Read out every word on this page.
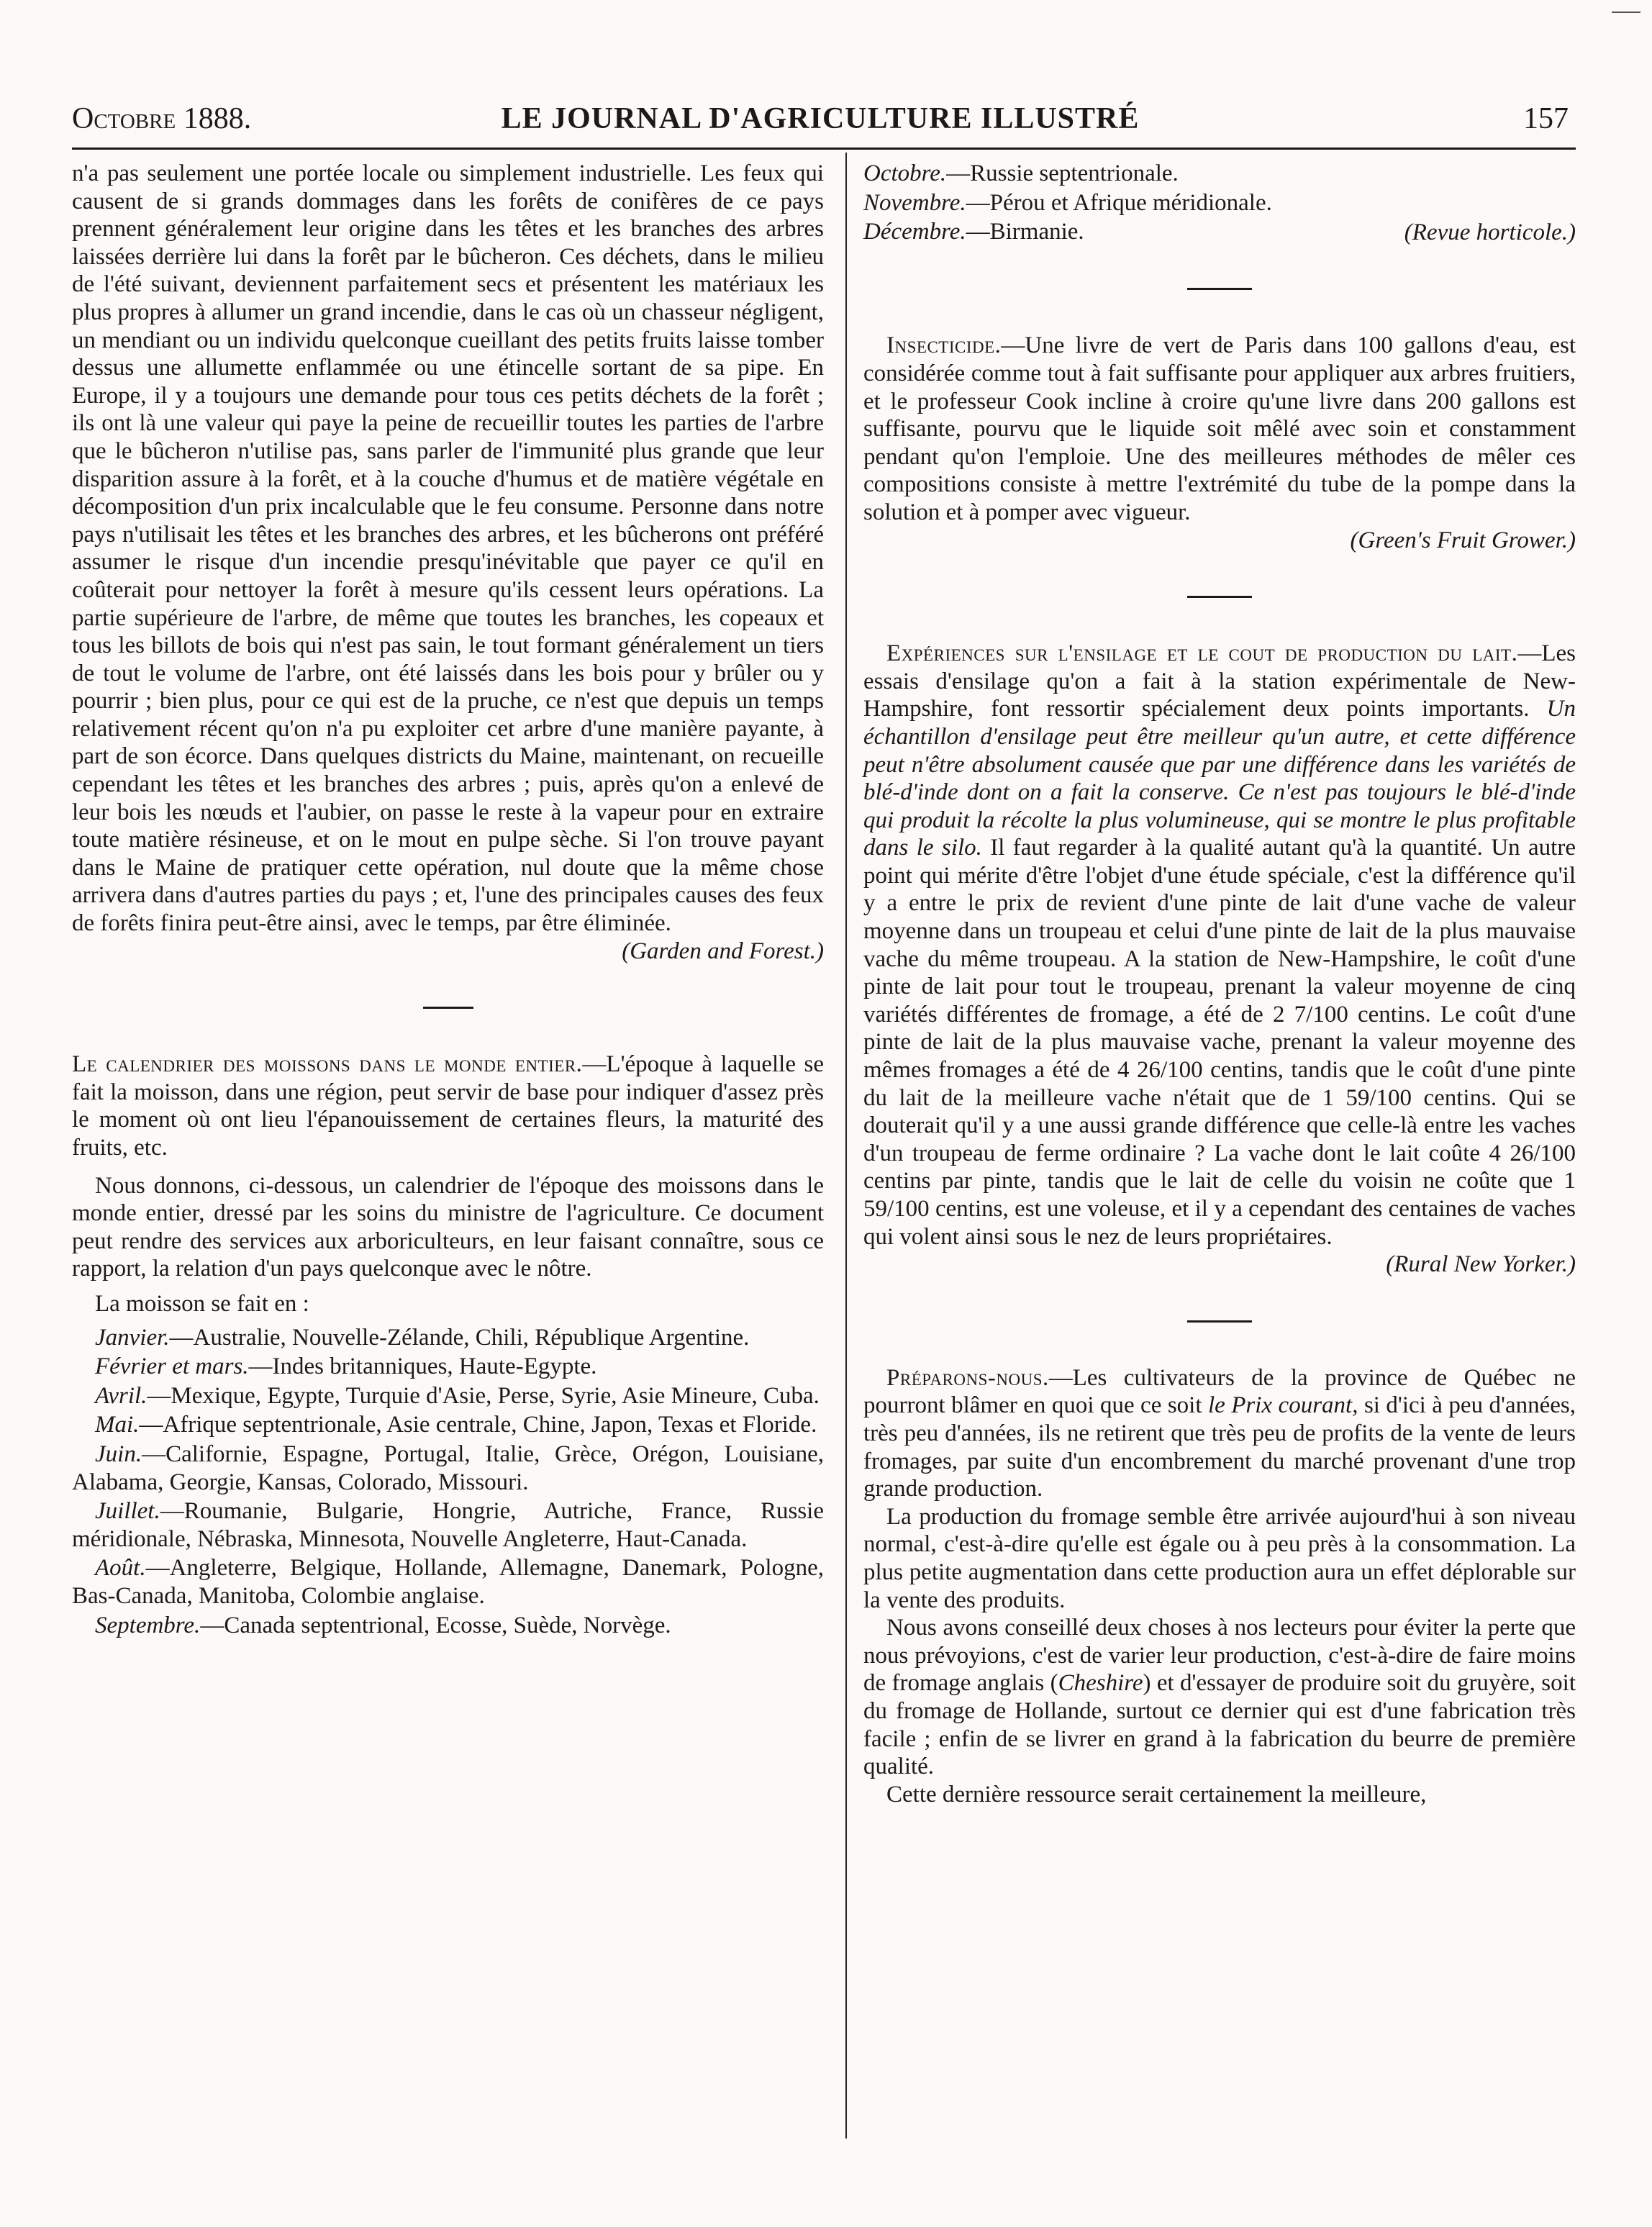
Octobre 1888.	LE JOURNAL D'AGRICULTURE ILLUSTRÉ	157

n'a pas seulement une portée locale ou simplement industrielle. Les feux qui causent de si grands dommages dans les forêts de conifères de ce pays prennent généralement leur origine dans les têtes et les branches des arbres laissées derrière lui dans la forêt par le bûcheron. Ces déchets, dans le milieu de l'été suivant, deviennent parfaitement secs et présentent les matériaux les plus propres à allumer un grand incendie, dans le cas où un chasseur négligent, un mendiant ou un individu quelconque cueillant des petits fruits laisse tomber dessus une allumette enflammée ou une étincelle sortant de sa pipe. En Europe, il y a toujours une demande pour tous ces petits déchets de la forêt ; ils ont là une valeur qui paye la peine de recueillir toutes les parties de l'arbre que le bûcheron n'utilise pas, sans parler de l'immunité plus grande que leur disparition assure à la forêt, et à la couche d'humus et de matière végétale en décomposition d'un prix incalculable que le feu consume. Personne dans notre pays n'utilisait les têtes et les branches des arbres, et les bûcherons ont préféré assumer le risque d'un incendie presqu'inévitable que payer ce qu'il en coûterait pour nettoyer la forêt à mesure qu'ils cessent leurs opérations. La partie supérieure de l'arbre, de même que toutes les branches, les copeaux et tous les billots de bois qui n'est pas sain, le tout formant généralement un tiers de tout le volume de l'arbre, ont été laissés dans les bois pour y brûler ou y pourrir ; bien plus, pour ce qui est de la pruche, ce n'est que depuis un temps relativement récent qu'on n'a pu exploiter cet arbre d'une manière payante, à part de son écorce. Dans quelques districts du Maine, maintenant, on recueille cependant les têtes et les branches des arbres ; puis, après qu'on a enlevé de leur bois les nœuds et l'aubier, on passe le reste à la vapeur pour en extraire toute matière résineuse, et on le mout en pulpe sèche. Si l'on trouve payant dans le Maine de pratiquer cette opération, nul doute que la même chose arrivera dans d'autres parties du pays ; et, l'une des principales causes des feux de forêts finira peut-être ainsi, avec le temps, par être éliminée.

(Garden and Forest.)

Le calendrier des moissons dans le monde entier.—L'époque à laquelle se fait la moisson, dans une région, peut servir de base pour indiquer d'assez près le moment où ont lieu l'épanouissement de certaines fleurs, la maturité des fruits, etc.

Nous donnons, ci-dessous, un calendrier de l'époque des moissons dans le monde entier, dressé par les soins du ministre de l'agriculture. Ce document peut rendre des services aux arboriculteurs, en leur faisant connaître, sous ce rapport, la relation d'un pays quelconque avec le nôtre.

La moisson se fait en :

Janvier.—Australie, Nouvelle-Zélande, Chili, République Argentine.

Février et mars.—Indes britanniques, Haute-Egypte.

Avril.—Mexique, Egypte, Turquie d'Asie, Perse, Syrie, Asie Mineure, Cuba.

Mai.—Afrique septentrionale, Asie centrale, Chine, Japon, Texas et Floride.

Juin.—Californie, Espagne, Portugal, Italie, Grèce, Orégon, Louisiane, Alabama, Georgie, Kansas, Colorado, Missouri.

Juillet.—Roumanie, Bulgarie, Hongrie, Autriche, France, Russie méridionale, Nébraska, Minnesota, Nouvelle Angleterre, Haut-Canada.

Août.—Angleterre, Belgique, Hollande, Allemagne, Danemark, Pologne, Bas-Canada, Manitoba, Colombie anglaise.

Septembre.—Canada septentrional, Ecosse, Suède, Norvège.

Octobre.—Russie septentrionale.

Novembre.—Pérou et Afrique méridionale.

Décembre.—Birmanie.	(Revue horticole.)

Insecticide.—Une livre de vert de Paris dans 100 gallons d'eau, est considérée comme tout à fait suffisante pour appliquer aux arbres fruitiers, et le professeur Cook incline à croire qu'une livre dans 200 gallons est suffisante, pourvu que le liquide soit mêlé avec soin et constamment pendant qu'on l'emploie. Une des meilleures méthodes de mêler ces compositions consiste à mettre l'extrémité du tube de la pompe dans la solution et à pomper avec vigueur.

(Green's Fruit Grower.)

Expériences sur l'ensilage et le cout de production du lait.—Les essais d'ensilage qu'on a fait à la station expérimentale de New-Hampshire, font ressortir spécialement deux points importants. Un échantillon d'ensilage peut être meilleur qu'un autre, et cette différence peut n'être absolument causée que par une différence dans les variétés de blé-d'inde dont on a fait la conserve. Ce n'est pas toujours le blé-d'inde qui produit la récolte la plus volumineuse, qui se montre le plus profitable dans le silo. Il faut regarder à la qualité autant qu'à la quantité. Un autre point qui mérite d'être l'objet d'une étude spéciale, c'est la différence qu'il y a entre le prix de revient d'une pinte de lait d'une vache de valeur moyenne dans un troupeau et celui d'une pinte de lait de la plus mauvaise vache du même troupeau. A la station de New-Hampshire, le coût d'une pinte de lait pour tout le troupeau, prenant la valeur moyenne de cinq variétés différentes de fromage, a été de 2 7/100 centins. Le coût d'une pinte de lait de la plus mauvaise vache, prenant la valeur moyenne des mêmes fromages a été de 4 26/100 centins, tandis que le coût d'une pinte du lait de la meilleure vache n'était que de 1 59/100 centins. Qui se douterait qu'il y a une aussi grande différence que celle-là entre les vaches d'un troupeau de ferme ordinaire ? La vache dont le lait coûte 4 26/100 centins par pinte, tandis que le lait de celle du voisin ne coûte que 1 59/100 centins, est une voleuse, et il y a cependant des centaines de vaches qui volent ainsi sous le nez de leurs propriétaires.

(Rural New Yorker.)

Préparons-nous.—Les cultivateurs de la province de Québec ne pourront blâmer en quoi que ce soit le Prix courant, si d'ici à peu d'années, très peu d'années, ils ne retirent que très peu de profits de la vente de leurs fromages, par suite d'un encombrement du marché provenant d'une trop grande production.

La production du fromage semble être arrivée aujourd'hui à son niveau normal, c'est-à-dire qu'elle est égale ou à peu près à la consommation. La plus petite augmentation dans cette production aura un effet déplorable sur la vente des produits.

Nous avons conseillé deux choses à nos lecteurs pour éviter la perte que nous prévoyions, c'est de varier leur production, c'est-à-dire de faire moins de fromage anglais (Cheshire) et d'essayer de produire soit du gruyère, soit du fromage de Hollande, surtout ce dernier qui est d'une fabrication très facile ; enfin de se livrer en grand à la fabrication du beurre de première qualité.

Cette dernière ressource serait certainement la meilleure,
